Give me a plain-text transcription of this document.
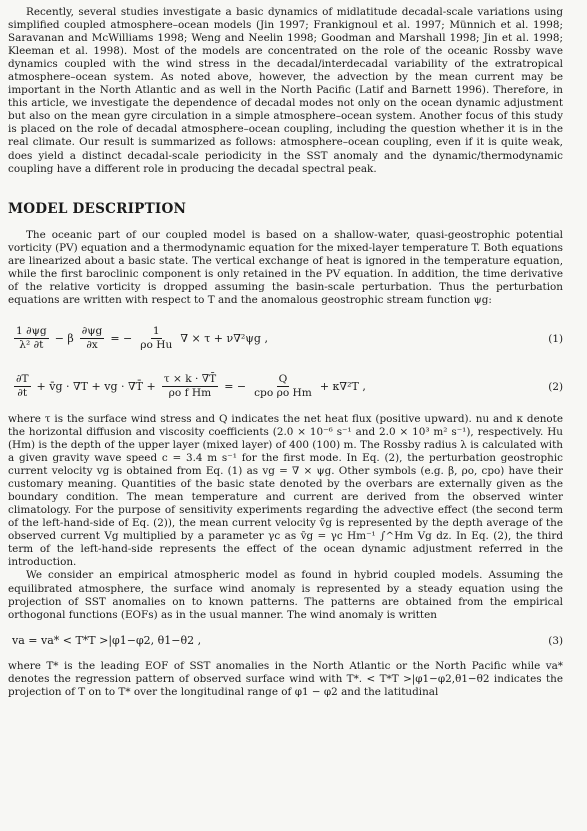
Recently, several studies investigate a basic dynamics of midlatitude decadal-scale variations using simplified coupled atmosphere–ocean models (Jin 1997; Frankignoul et al. 1997; Münnich et al. 1998; Saravanan and McWilliams 1998; Weng and Neelin 1998; Goodman and Marshall 1998; Jin et al. 1998; Kleeman et al. 1998). Most of the models are concentrated on the role of the oceanic Rossby wave dynamics coupled with the wind stress in the decadal/interdecadal variability of the extratropical atmosphere–ocean system. As noted above, however, the advection by the mean current may be important in the North Atlantic and as well in the North Pacific (Latif and Barnett 1996). Therefore, in this article, we investigate the dependence of decadal modes not only on the ocean dynamic adjustment but also on the mean gyre circulation in a simple atmosphere–ocean system. Another focus of this study is placed on the role of decadal atmosphere–ocean coupling, including the question whether it is in the real climate. Our result is summarized as follows: atmosphere–ocean coupling, even if it is quite weak, does yield a distinct decadal-scale periodicity in the SST anomaly and the dynamic/thermodynamic coupling have a different role in producing the decadal spectral peak.

MODEL DESCRIPTION

The oceanic part of our coupled model is based on a shallow-water, quasi-geostrophic potential vorticity (PV) equation and a thermodynamic equation for the mixed-layer temperature T. Both equations are linearized about a basic state. The vertical exchange of heat is ignored in the temperature equation, while the first baroclinic component is only retained in the PV equation. In addition, the time derivative of the relative vorticity is dropped assuming the basin-scale perturbation. Thus the perturbation equations are written with respect to T and the anomalous geostrophic stream function ψg:

$\frac{1 \partial\psi g}{\text{λ² ∂t}} - \beta \frac{\partial\psi g}{\partial x}$ = − $\frac{1}{\text{ρo Hu}}$ ∇ × τ + ν∇²ψg ,	(1)
$\frac{\partial T}{\partial t}$ + v̄g · ∇T + vg · ∇T̄ + $\frac{\tau \times k \cdot \nabla T̄}{\text{ρo f Hm}}$ = − $\frac{Q}{\text{cpo ρo Hm}} + \kappa\nabla^2T$ ,	(2)

where τ is the surface wind stress and Q indicates the net heat flux (positive upward). nu and κ denote the horizontal diffusion and viscosity coefficients (2.0 × 10⁻⁶ s⁻¹ and 2.0 × 10³ m² s⁻¹), respectively. Hu (Hm) is the depth of the upper layer (mixed layer) of 400 (100) m. The Rossby radius λ is calculated with a given gravity wave speed c = 3.4 m s⁻¹ for the first mode. In Eq. (2), the perturbation geostrophic current velocity vg is obtained from Eq. (1) as vg = ∇ × ψg. Other symbols (e.g. β, ρo, cpo) have their customary meaning. Quantities of the basic state denoted by the overbars are externally given as the boundary condition. The mean temperature and current are derived from the observed winter climatology. For the purpose of sensitivity experiments regarding the advective effect (the second term of the left-hand-side of Eq. (2)), the mean current velocity v̄g is represented by the depth average of the observed current Vg multiplied by a parameter γc as v̄g = γc Hm⁻¹ ∫^Hm Vg dz. In Eq. (2), the third term of the left-hand-side represents the effect of the ocean dynamic adjustment referred in the introduction.

We consider an empirical atmospheric model as found in hybrid coupled models. Assuming the equilibrated atmosphere, the surface wind anomaly is represented by a steady equation using the projection of SST anomalies on to known patterns. The patterns are obtained from the empirical orthogonal functions (EOFs) as in the usual manner. The wind anomaly is written

va = va* < T*T >|φ1−φ2, θ1−θ2 ,	(3)

where T* is the leading EOF of SST anomalies in the North Atlantic or the North Pacific while va* denotes the regression pattern of observed surface wind with T*. < T*T >|φ1−φ2,θ1−θ2 indicates the projection of T on to T* over the longitudinal range of φ1 − φ2 and the latitudinal
